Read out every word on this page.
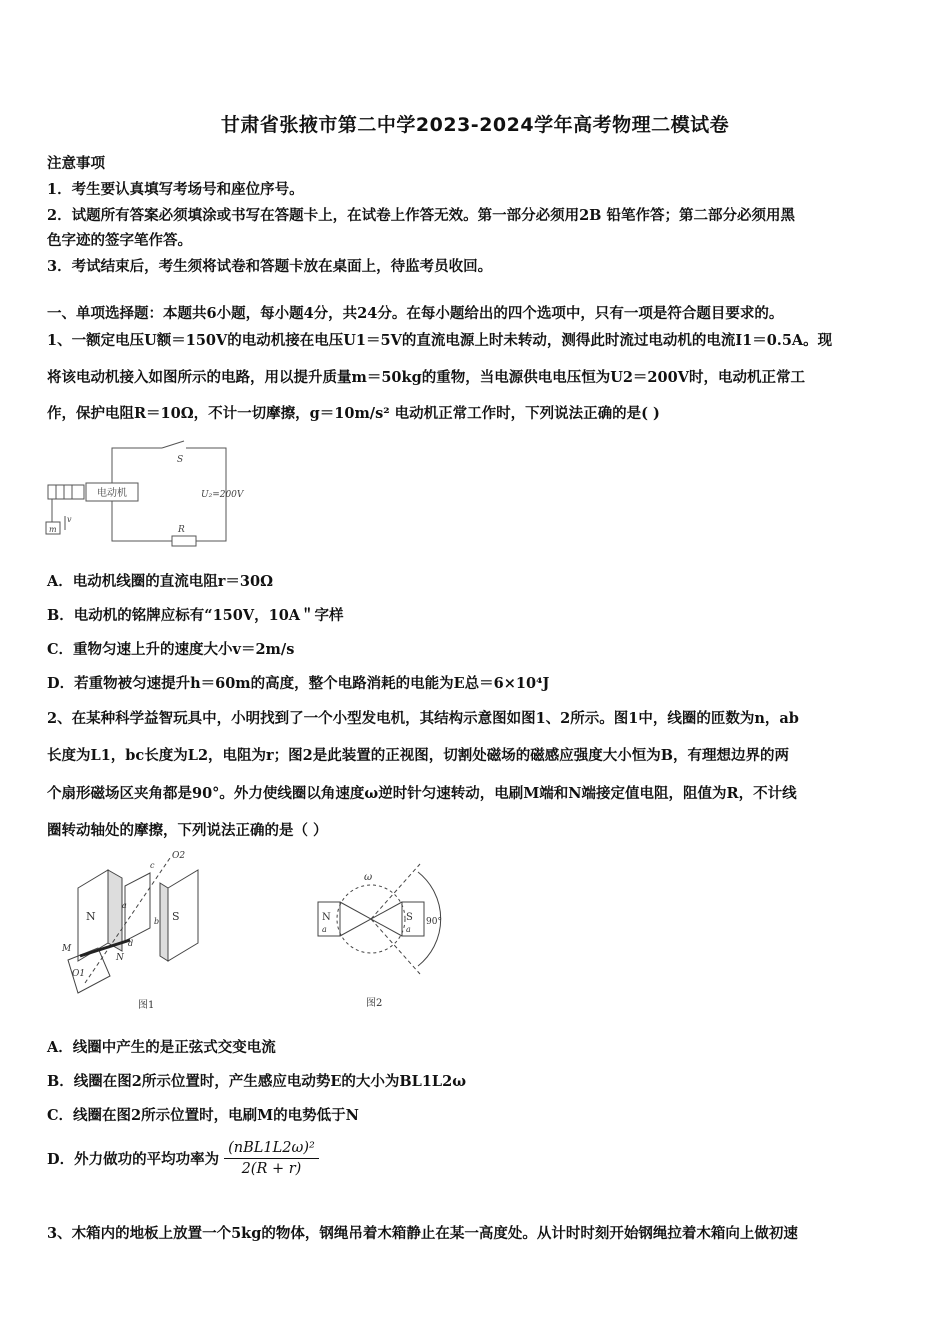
甘肃省张掖市第二中学2023-2024学年高考物理二模试卷
注意事项
1．考生要认真填写考场号和座位序号。
2．试题所有答案必须填涂或书写在答题卡上，在试卷上作答无效。第一部分必须用2B 铅笔作答；第二部分必须用黑
色字迹的签字笔作答。
3．考试结束后，考生须将试卷和答题卡放在桌面上，待监考员收回。
一、单项选择题：本题共6小题，每小题4分，共24分。在每小题给出的四个选项中，只有一项是符合题目要求的。
1、一额定电压U额＝150V的电动机接在电压U1＝5V的直流电源上时未转动，测得此时流过电动机的电流I1＝0.5A。现
将该电动机接入如图所示的电路，用以提升质量m＝50kg的重物，当电源供电电压恒为U2＝200V时，电动机正常工
作，保护电阻R＝10Ω，不计一切摩擦，g＝10m/s² 电动机正常工作时，下列说法正确的是( )
电动机
m
v
S
U₂=200V
R
A．电动机线圈的直流电阻r＝30Ω
B．电动机的铭牌应标有“150V，10A＂字样
C．重物匀速上升的速度大小v＝2m/s
D．若重物被匀速提升h＝60m的高度，整个电路消耗的电能为E总＝6×10⁴J
2、在某种科学益智玩具中，小明找到了一个小型发电机，其结构示意图如图1、2所示。图1中，线圈的匝数为n，ab
长度为L1，bc长度为L2，电阻为r；图2是此装置的正视图，切割处磁场的磁感应强度大小恒为B，有理想边界的两
个扇形磁场区夹角都是90°。外力使线圈以角速度ω逆时针匀速转动，电刷M端和N端接定值电阻，阻值为R，不计线
圈转动轴处的摩擦，下列说法正确的是（ ）
N	S
O2
O1
M
N
a
b
c
d
图1
N	S
ω
a	a
90°
图2
A．线圈中产生的是正弦式交变电流
B．线圈在图2所示位置时，产生感应电动势E的大小为BL1L2ω
C．线圈在图2所示位置时，电刷M的电势低于N
D．外力做功的平均功率为 $\frac{\text{(nBL1L2ω)²}}{2(R + r)}$
3、木箱内的地板上放置一个5kg的物体，钢绳吊着木箱静止在某一高度处。从计时时刻开始钢绳拉着木箱向上做初速
